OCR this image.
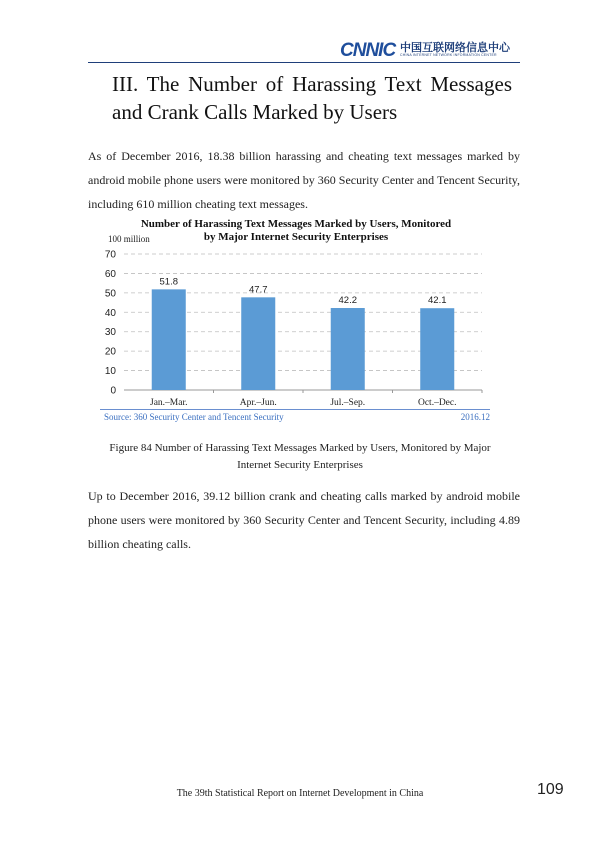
CNNIC 中国互联网络信息中心
CHINA INTERNET NETWORK INFORMATION CENTER
III. The Number of Harassing Text Messages and Crank Calls Marked by Users
As of December 2016, 18.38 billion harassing and cheating text messages marked by android mobile phone users were monitored by 360 Security Center and Tencent Security, including 610 million cheating text messages.
Number of Harassing Text Messages Marked by Users, Monitored
by Major Internet Security Enterprises
100 million
0
10
20
30
40
50
60
70
51.8
Jan.–Mar.
47.7
Apr.–Jun.
42.2
Jul.–Sep.
42.1
Oct.–Dec.
Source: 360 Security Center and Tencent Security	2016.12
Figure 84 Number of Harassing Text Messages Marked by Users, Monitored by Major Internet Security Enterprises
Up to December 2016, 39.12 billion crank and cheating calls marked by android mobile phone users were monitored by 360 Security Center and Tencent Security, including 4.89 billion cheating calls.
The 39th Statistical Report on Internet Development in China	109
